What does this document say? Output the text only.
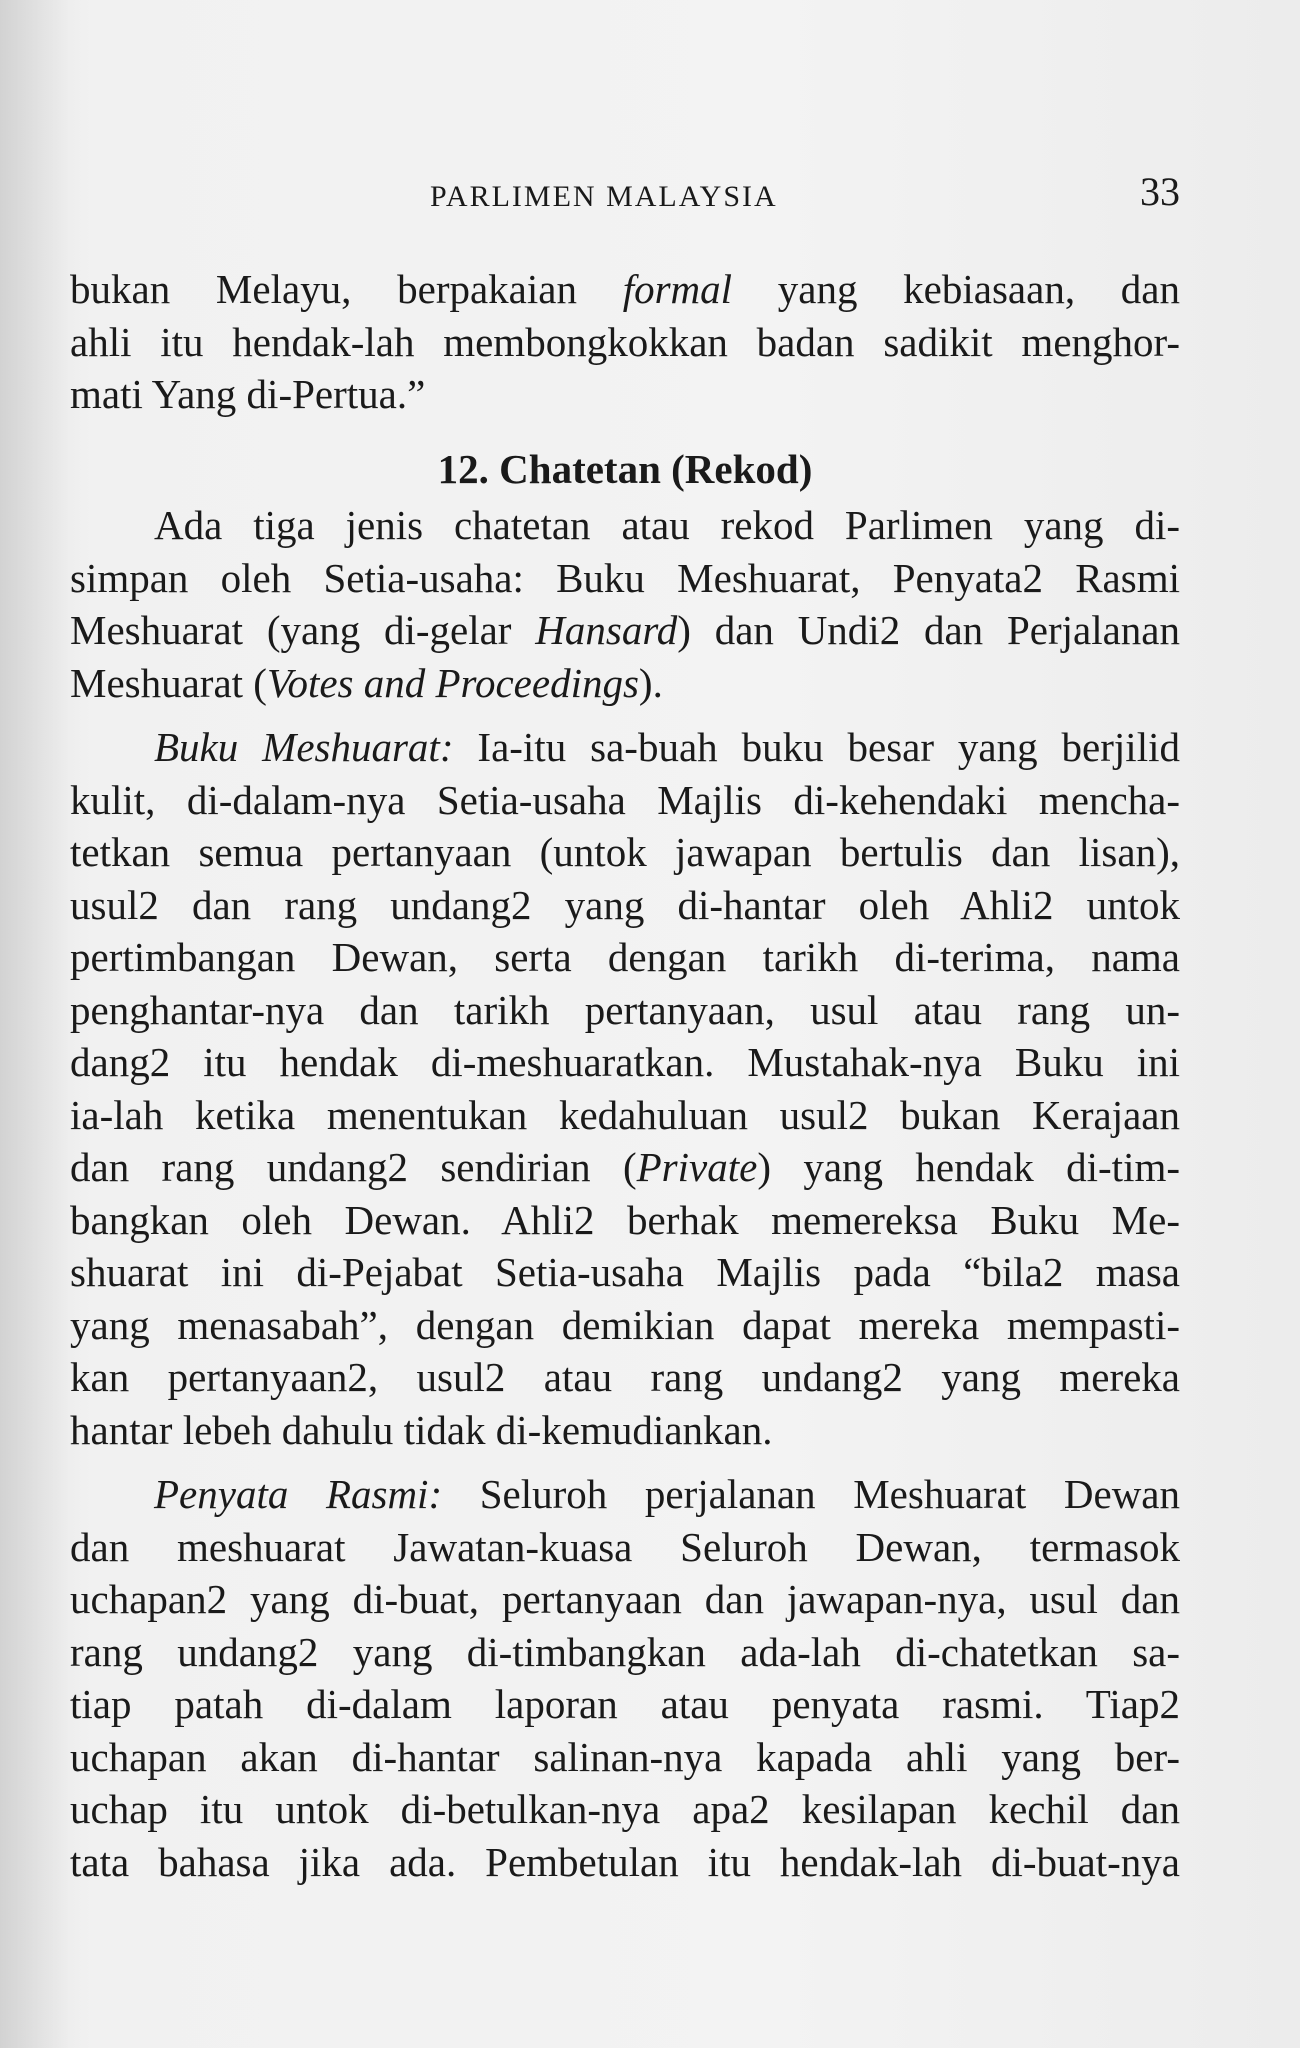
PARLIMEN MALAYSIA	33
bukan Melayu, berpakaian formal yang kebiasaan, dan
ahli itu hendak-lah membongkokkan badan sadikit menghor-
mati Yang di-Pertua.”
12. Chatetan (Rekod)
Ada tiga jenis chatetan atau rekod Parlimen yang di-
simpan oleh Setia-usaha: Buku Meshuarat, Penyata2 Rasmi
Meshuarat (yang di-gelar Hansard) dan Undi2 dan Perjalanan
Meshuarat (Votes and Proceedings).
Buku Meshuarat: Ia-itu sa-buah buku besar yang berjilid
kulit, di-dalam-nya Setia-usaha Majlis di-kehendaki mencha-
tetkan semua pertanyaan (untok jawapan bertulis dan lisan),
usul2 dan rang undang2 yang di-hantar oleh Ahli2 untok
pertimbangan Dewan, serta dengan tarikh di-terima, nama
penghantar-nya dan tarikh pertanyaan, usul atau rang un-
dang2 itu hendak di-meshuaratkan. Mustahak-nya Buku ini
ia-lah ketika menentukan kedahuluan usul2 bukan Kerajaan
dan rang undang2 sendirian (Private) yang hendak di-tim-
bangkan oleh Dewan. Ahli2 berhak memereksa Buku Me-
shuarat ini di-Pejabat Setia-usaha Majlis pada “bila2 masa
yang menasabah”, dengan demikian dapat mereka mempasti-
kan pertanyaan2, usul2 atau rang undang2 yang mereka
hantar lebeh dahulu tidak di-kemudiankan.
Penyata Rasmi: Seluroh perjalanan Meshuarat Dewan
dan meshuarat Jawatan-kuasa Seluroh Dewan, termasok
uchapan2 yang di-buat, pertanyaan dan jawapan-nya, usul dan
rang undang2 yang di-timbangkan ada-lah di-chatetkan sa-
tiap patah di-dalam laporan atau penyata rasmi. Tiap2
uchapan akan di-hantar salinan-nya kapada ahli yang ber-
uchap itu untok di-betulkan-nya apa2 kesilapan kechil dan
tata bahasa jika ada. Pembetulan itu hendak-lah di-buat-nya
